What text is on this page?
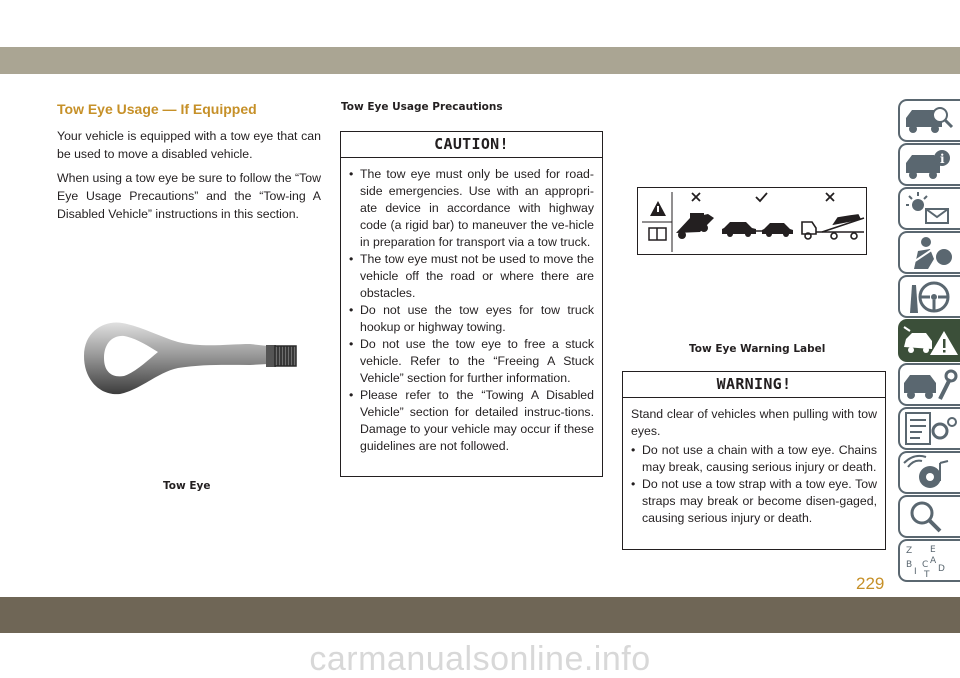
Tow Eye Usage — If Equipped

Your vehicle is equipped with a tow eye that can be used to move a disabled vehicle.

When using a tow eye be sure to follow the “Tow Eye Usage Precautions” and the “Tow-ing A Disabled Vehicle” instructions in this section.

Tow Eye
Tow Eye Usage Precautions
CAUTION!
• The tow eye must only be used for road-side emergencies. Use with an appropri-ate device in accordance with highway code (a rigid bar) to maneuver the ve-hicle in preparation for transport via a tow truck.
• The tow eye must not be used to move the vehicle off the road or where there are obstacles.
• Do not use the tow eyes for tow truck hookup or highway towing.
• Do not use the tow eye to free a stuck vehicle. Refer to the “Freeing A Stuck Vehicle” section for further information.
• Please refer to the “Towing A Disabled Vehicle” section for detailed instruc-tions. Damage to your vehicle may occur if these guidelines are not followed.
Tow Eye Warning Label
WARNING!

Stand clear of vehicles when pulling with tow eyes.

• Do not use a chain with a tow eye. Chains may break, causing serious injury or death.
• Do not use a tow strap with a tow eye. Tow straps may break or become disen-gaged, causing serious injury or death.
i
Z E
B A
I
C
T
D
229
carmanualsonline.info
